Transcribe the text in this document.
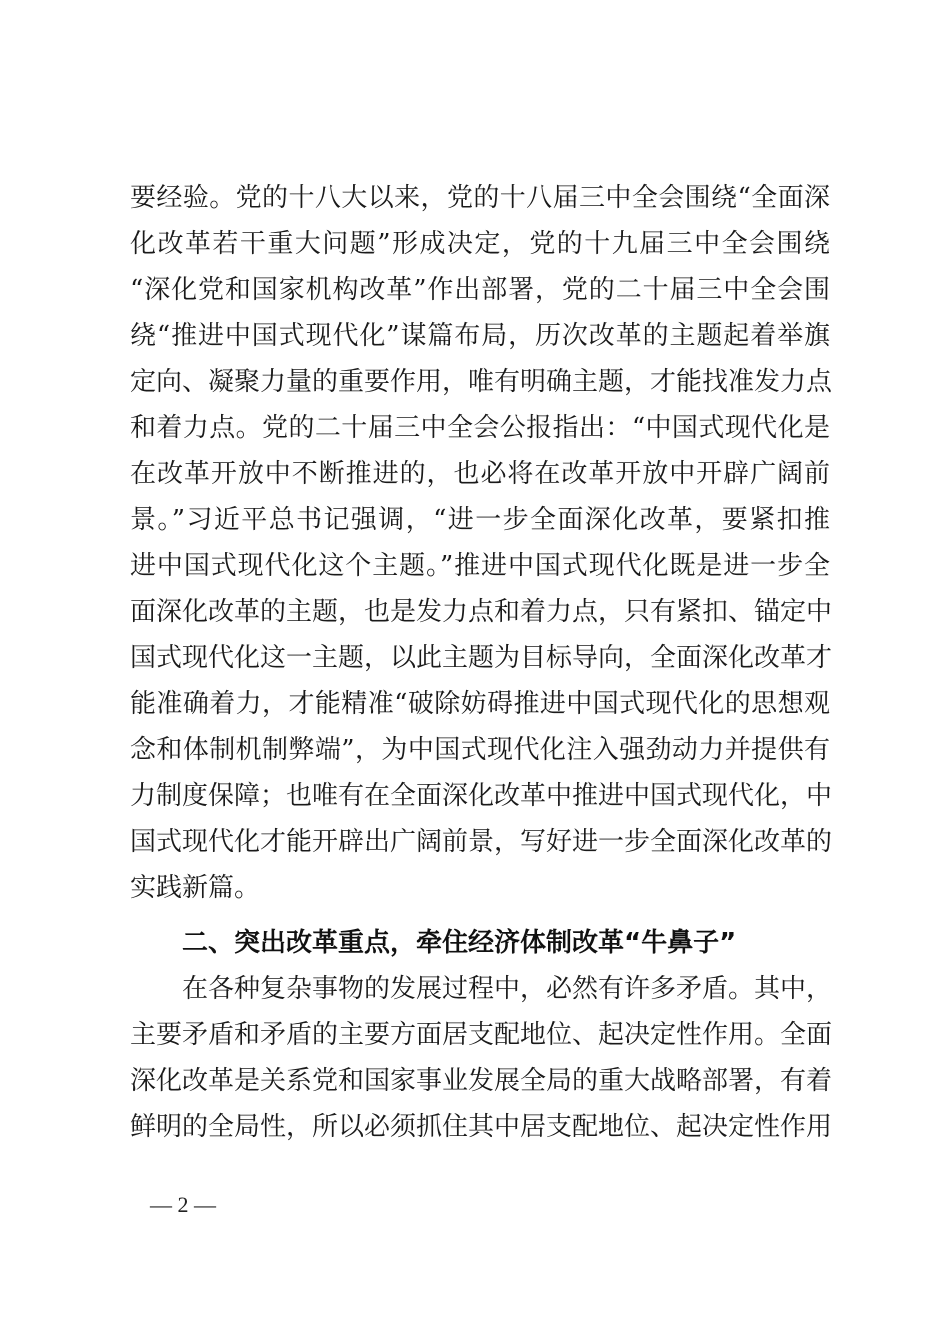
要经验。党的十八大以来，党的十八届三中全会围绕“全面深
化改革若干重大问题”形成决定，党的十九届三中全会围绕
“深化党和国家机构改革”作出部署，党的二十届三中全会围
绕“推进中国式现代化”谋篇布局，历次改革的主题起着举旗
定向、凝聚力量的重要作用，唯有明确主题，才能找准发力点
和着力点。党的二十届三中全会公报指出：“中国式现代化是
在改革开放中不断推进的，也必将在改革开放中开辟广阔前
景。”习近平总书记强调，“进一步全面深化改革，要紧扣推
进中国式现代化这个主题。”推进中国式现代化既是进一步全
面深化改革的主题，也是发力点和着力点，只有紧扣、锚定中
国式现代化这一主题，以此主题为目标导向，全面深化改革才
能准确着力，才能精准“破除妨碍推进中国式现代化的思想观
念和体制机制弊端”，为中国式现代化注入强劲动力并提供有
力制度保障；也唯有在全面深化改革中推进中国式现代化，中
国式现代化才能开辟出广阔前景，写好进一步全面深化改革的
实践新篇。
二、突出改革重点，牵住经济体制改革“牛鼻子”
在各种复杂事物的发展过程中，必然有许多矛盾。其中，
主要矛盾和矛盾的主要方面居支配地位、起决定性作用。全面
深化改革是关系党和国家事业发展全局的重大战略部署，有着
鲜明的全局性，所以必须抓住其中居支配地位、起决定性作用
— 2 —
